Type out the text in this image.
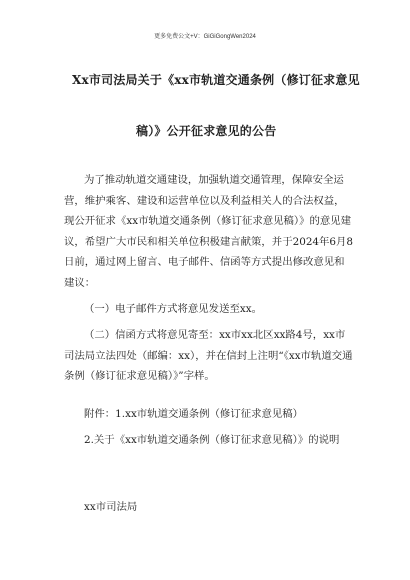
更多免费公文+V：GiGiGongWen2024
Xx市司法局关于《xx市轨道交通条例（修订征求意见
稿）》公开征求意见的公告
为了推动轨道交通建设，加强轨道交通管理，保障安全运营，维护乘客、建设和运营单位以及利益相关人的合法权益，现公开征求《xx市轨道交通条例（修订征求意见稿）》的意见建议，希望广大市民和相关单位积极建言献策，并于2024年6月8日前，通过网上留言、电子邮件、信函等方式提出修改意见和建议：
（一）电子邮件方式将意见发送至xx。
（二）信函方式将意见寄至：xx市xx北区xx路4号，xx市司法局立法四处（邮编：xx），并在信封上注明“《xx市轨道交通条例（修订征求意见稿）》”字样。
附件：1.xx市轨道交通条例（修订征求意见稿）
2.关于《xx市轨道交通条例（修订征求意见稿）》的说明
xx市司法局
